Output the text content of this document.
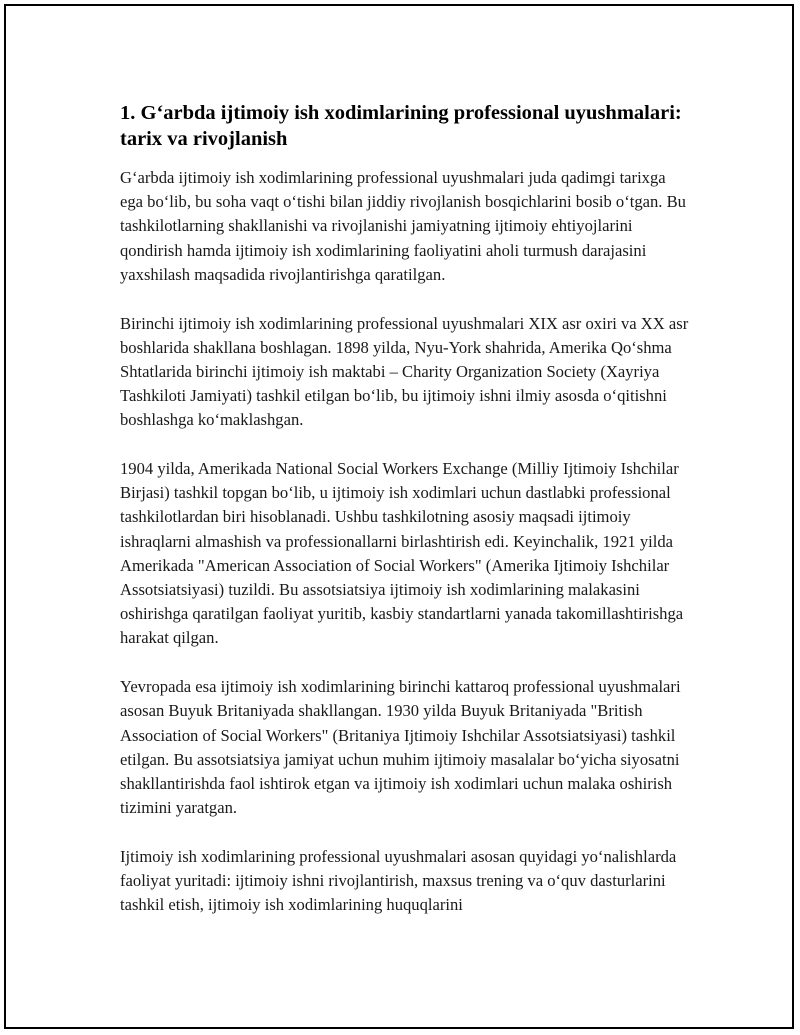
1. G‘arbda ijtimoiy ish xodimlarining professional uyushmalari: tarix va rivojlanish

G‘arbda ijtimoiy ish xodimlarining professional uyushmalari juda qadimgi tarixga ega bo‘lib, bu soha vaqt o‘tishi bilan jiddiy rivojlanish bosqichlarini bosib o‘tgan. Bu tashkilotlarning shakllanishi va rivojlanishi jamiyatning ijtimoiy ehtiyojlarini qondirish hamda ijtimoiy ish xodimlarining faoliyatini aholi turmush darajasini yaxshilash maqsadida rivojlantirishga qaratilgan.

Birinchi ijtimoiy ish xodimlarining professional uyushmalari XIX asr oxiri va XX asr boshlarida shakllana boshlagan. 1898 yilda, Nyu-York shahrida, Amerika Qo‘shma Shtatlarida birinchi ijtimoiy ish maktabi – Charity Organization Society (Xayriya Tashkiloti Jamiyati) tashkil etilgan bo‘lib, bu ijtimoiy ishni ilmiy asosda o‘qitishni boshlashga ko‘maklashgan.

1904 yilda, Amerikada National Social Workers Exchange (Milliy Ijtimoiy Ishchilar Birjasi) tashkil topgan bo‘lib, u ijtimoiy ish xodimlari uchun dastlabki professional tashkilotlardan biri hisoblanadi. Ushbu tashkilotning asosiy maqsadi ijtimoiy ishraqlarni almashish va professionallarni birlashtirish edi. Keyinchalik, 1921 yilda Amerikada "American Association of Social Workers" (Amerika Ijtimoiy Ishchilar Assotsiatsiyasi) tuzildi. Bu assotsiatsiya ijtimoiy ish xodimlarining malakasini oshirishga qaratilgan faoliyat yuritib, kasbiy standartlarni yanada takomillashtirishga harakat qilgan.

Yevropada esa ijtimoiy ish xodimlarining birinchi kattaroq professional uyushmalari asosan Buyuk Britaniyada shakllangan. 1930 yilda Buyuk Britaniyada "British Association of Social Workers" (Britaniya Ijtimoiy Ishchilar Assotsiatsiyasi) tashkil etilgan. Bu assotsiatsiya jamiyat uchun muhim ijtimoiy masalalar bo‘yicha siyosatni shakllantirishda faol ishtirok etgan va ijtimoiy ish xodimlari uchun malaka oshirish tizimini yaratgan.

Ijtimoiy ish xodimlarining professional uyushmalari asosan quyidagi yo‘nalishlarda faoliyat yuritadi: ijtimoiy ishni rivojlantirish, maxsus trening va o‘quv dasturlarini tashkil etish, ijtimoiy ish xodimlarining huquqlarini
